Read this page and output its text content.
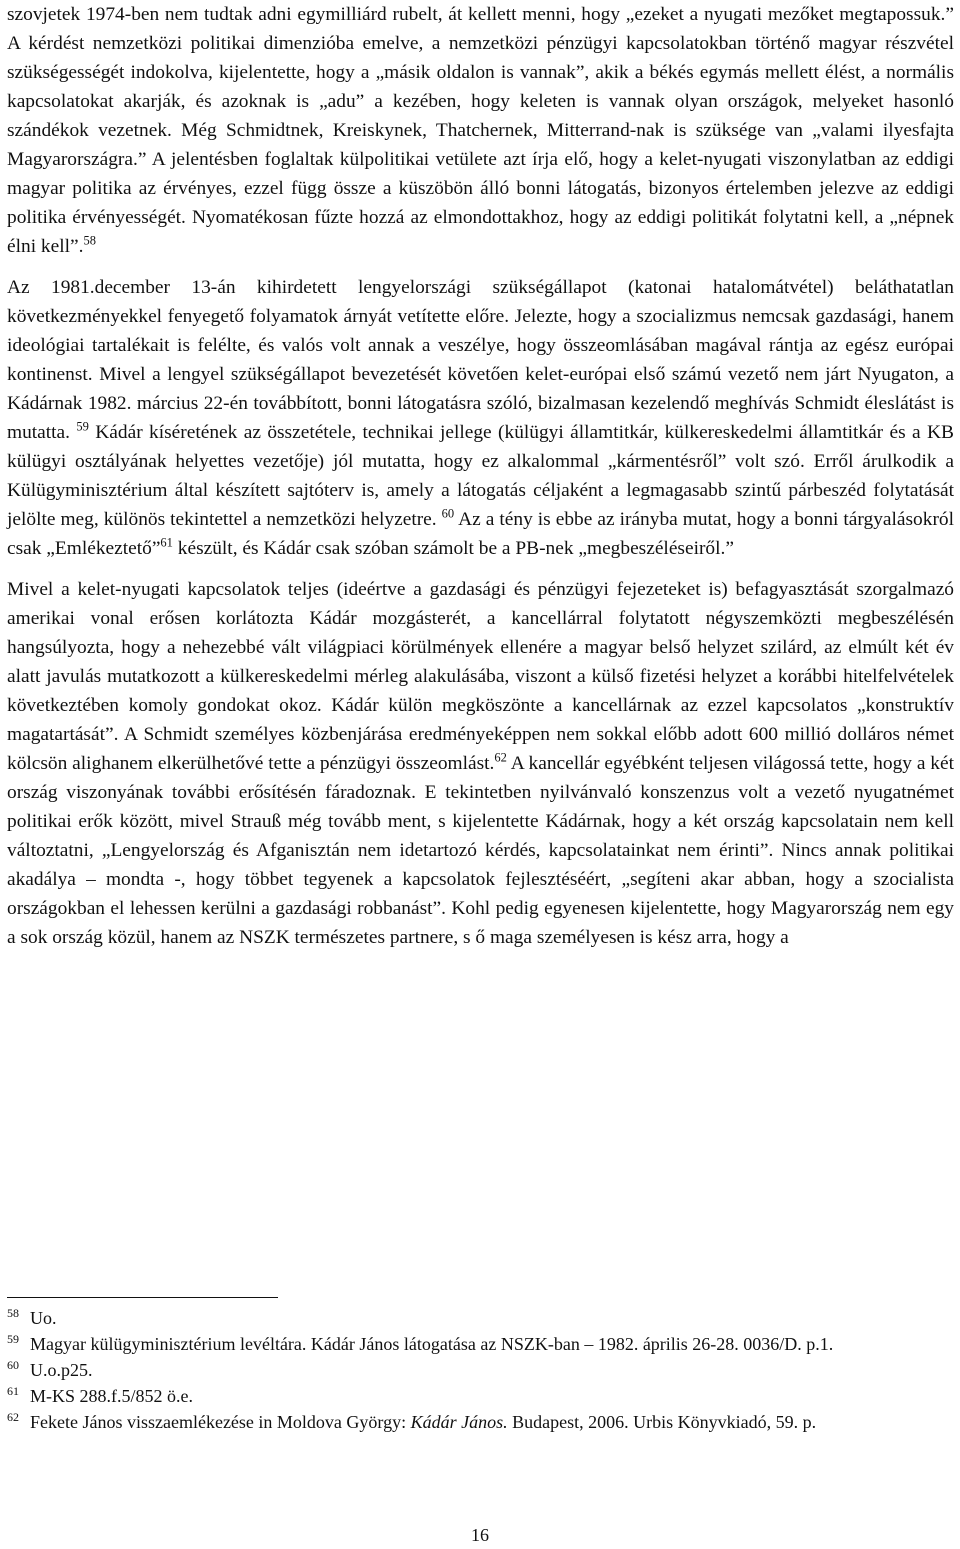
szovjetek 1974-ben nem tudtak adni egymilliárd rubelt, át kellett menni, hogy „ezeket a nyugati mezőket megtapossuk.” A kérdést nemzetközi politikai dimenzióba emelve, a nemzetközi pénzügyi kapcsolatokban történő magyar részvétel szükségességét indokolva, kijelentette, hogy a „másik oldalon is vannak”, akik a békés egymás mellett élést, a normális kapcsolatokat akarják, és azoknak is „adu” a kezében, hogy keleten is vannak olyan országok, melyeket hasonló szándékok vezetnek. Még Schmidtnek, Kreiskynek, Thatchernek, Mitterrand-nak is szüksége van „valami ilyesfajta Magyarországra.” A jelentésben foglaltak külpolitikai vetülete azt írja elő, hogy a kelet-nyugati viszonylatban az eddigi magyar politika az érvényes, ezzel függ össze a küszöbön álló bonni látogatás, bizonyos értelemben jelezve az eddigi politika érvényességét. Nyomatékosan fűzte hozzá az elmondottakhoz, hogy az eddigi politikát folytatni kell, a „népnek élni kell”.$^{58}$

Az 1981.december 13-án kihirdetett lengyelországi szükségállapot (katonai hatalomátvétel) beláthatatlan következményekkel fenyegető folyamatok árnyát vetítette előre. Jelezte, hogy a szocializmus nemcsak gazdasági, hanem ideológiai tartalékait is felélte, és valós volt annak a veszélye, hogy összeomlásában magával rántja az egész európai kontinenst. Mivel a lengyel szükségállapot bevezetését követően kelet-európai első számú vezető nem járt Nyugaton, a Kádárnak 1982. március 22-én továbbított, bonni látogatásra szóló, bizalmasan kezelendő meghívás Schmidt éleslátást is mutatta. $^{59}$ Kádár kíséretének az összetétele, technikai jellege (külügyi államtitkár, külkereskedelmi államtitkár és a KB külügyi osztályának helyettes vezetője) jól mutatta, hogy ez alkalommal „kármentésről” volt szó. Erről árulkodik a Külügyminisztérium által készített sajtóterv is, amely a látogatás céljaként a legmagasabb szintű párbeszéd folytatását jelölte meg, különös tekintettel a nemzetközi helyzetre. $^{60}$ Az a tény is ebbe az irányba mutat, hogy a bonni tárgyalásokról csak „Emlékeztető”$^{61}$ készült, és Kádár csak szóban számolt be a PB-nek „megbeszéléseiről.”

Mivel a kelet-nyugati kapcsolatok teljes (ideértve a gazdasági és pénzügyi fejezeteket is) befagyasztását szorgalmazó amerikai vonal erősen korlátozta Kádár mozgásterét, a kancellárral folytatott négyszemközti megbeszélésén hangsúlyozta, hogy a nehezebbé vált világpiaci körülmények ellenére a magyar belső helyzet szilárd, az elmúlt két év alatt javulás mutatkozott a külkereskedelmi mérleg alakulásába, viszont a külső fizetési helyzet a korábbi hitelfelvételek következtében komoly gondokat okoz. Kádár külön megköszönte a kancellárnak az ezzel kapcsolatos „konstruktív magatartását”. A Schmidt személyes közbenjárása eredményeképpen nem sokkal előbb adott 600 millió dolláros német kölcsön alighanem elkerülhetővé tette a pénzügyi összeomlást.$^{62}$ A kancellár egyébként teljesen világossá tette, hogy a két ország viszonyának további erősítésén fáradoznak. E tekintetben nyilvánvaló konszenzus volt a vezető nyugatnémet politikai erők között, mivel Strauß még tovább ment, s kijelentette Kádárnak, hogy a két ország kapcsolatain nem kell változtatni, „Lengyelország és Afganisztán nem idetartozó kérdés, kapcsolatainkat nem érinti”. Nincs annak politikai akadálya – mondta -, hogy többet tegyenek a kapcsolatok fejlesztéséért, „segíteni akar abban, hogy a szocialista országokban el lehessen kerülni a gazdasági robbanást”. Kohl pedig egyenesen kijelentette, hogy Magyarország nem egy a sok ország közül, hanem az NSZK természetes partnere, s ő maga személyesen is kész arra, hogy a

$^{58}$ Uo.

$^{59}$ Magyar külügyminisztérium levéltára. Kádár János látogatása az NSZK-ban – 1982. április 26-28. 0036/D. p.1.

$^{60}$ U.o.p25.

$^{61}$ M-KS 288.f.5/852 ö.e.

$^{62}$ Fekete János visszaemlékezése in Moldova György: Kádár János. Budapest, 2006. Urbis Könyvkiadó, 59. p.

16
